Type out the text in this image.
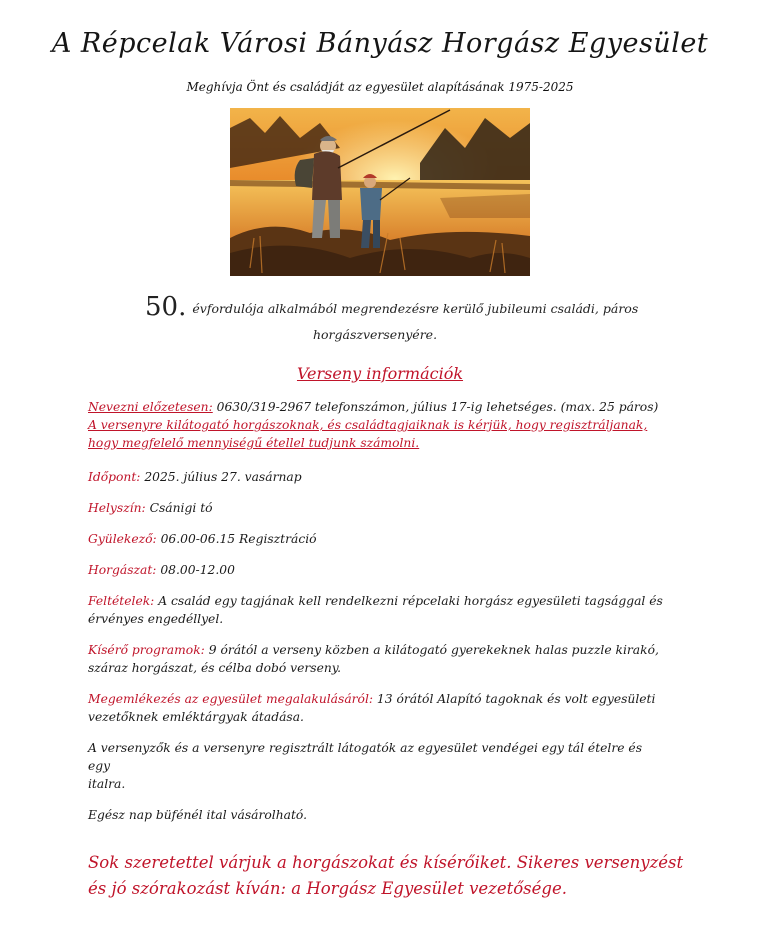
A Répcelak Városi Bányász Horgász Egyesület
Meghívja Önt és családját az egyesület alapításának 1975-2025
50. évfordulója alkalmából megrendezésre kerülő jubileumi családi, páros
horgászversenyére.
Verseny információk

Nevezni előzetesen: 0630/319-2967 telefonszámon, július 17-ig lehetséges. (max. 25 páros)
A versenyre kilátogató horgászoknak, és családtagjaiknak is kérjük, hogy regisztráljanak,
hogy megfelelő mennyiségű étellel tudjunk számolni.

Időpont: 2025. július 27. vasárnap

Helyszín: Csánigi tó

Gyülekező: 06.00-06.15 Regisztráció

Horgászat: 08.00-12.00

Feltételek: A család egy tagjának kell rendelkezni répcelaki horgász egyesületi tagsággal és
érvényes engedéllyel.

Kísérő programok: 9 órától a verseny közben a kilátogató gyerekeknek halas puzzle kirakó,
száraz horgászat, és célba dobó verseny.

Megemlékezés az egyesület megalakulásáról: 13 órától Alapító tagoknak és volt egyesületi
vezetőknek emléktárgyak átadása.

A versenyzők és a versenyre regisztrált látogatók az egyesület vendégei egy tál ételre és egy
italra.

Egész nap büfénél ital vásárolható.

Sok szeretettel várjuk a horgászokat és kísérőiket. Sikeres versenyzést
és jó szórakozást kíván: a Horgász Egyesület vezetősége.
